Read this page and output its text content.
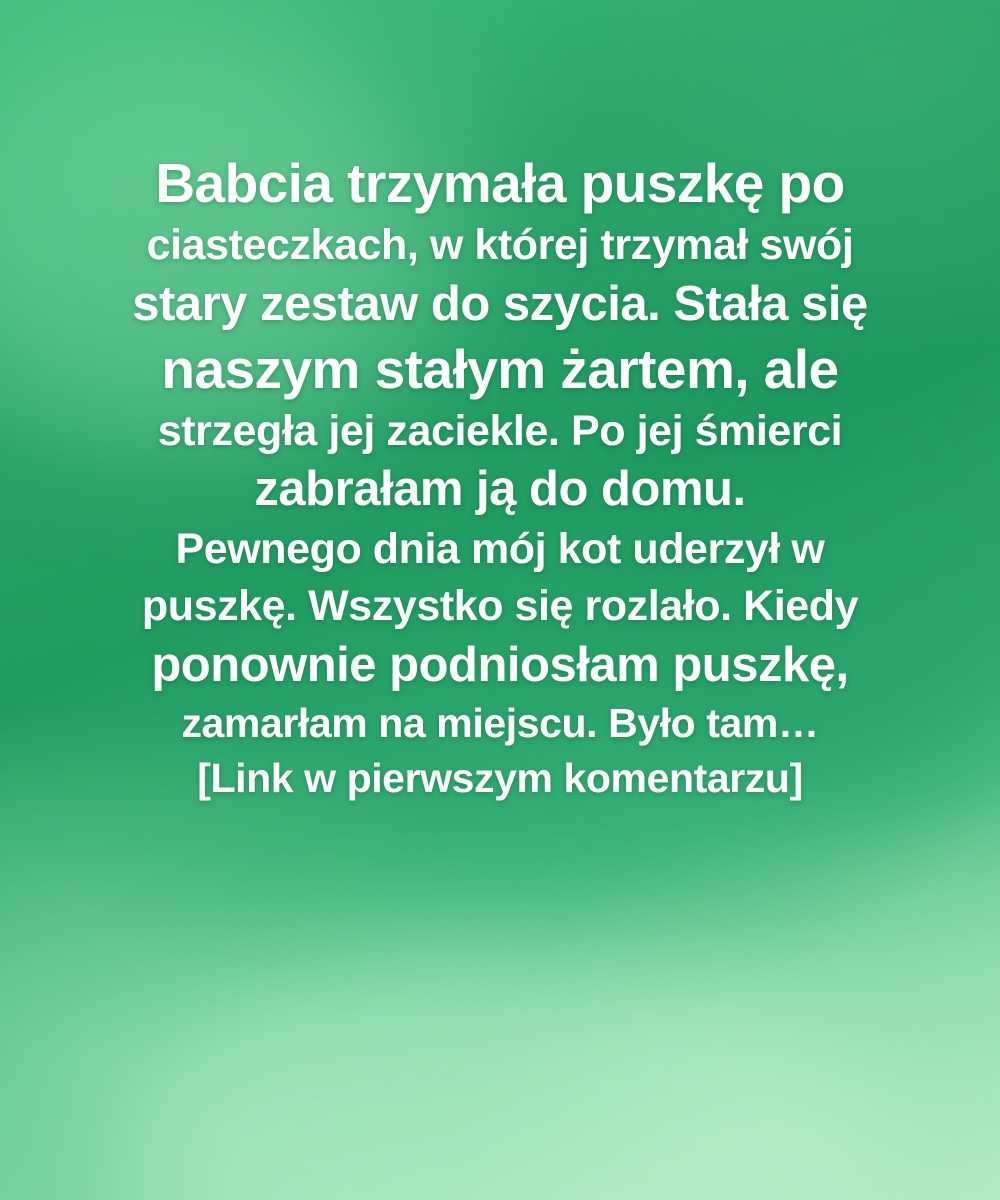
Babcia trzymała puszkę po
ciasteczkach, w której trzymał swój
stary zestaw do szycia. Stała się
naszym stałym żartem, ale
strzegła jej zaciekle. Po jej śmierci
zabrałam ją do domu.
Pewnego dnia mój kot uderzył w
puszkę. Wszystko się rozlało. Kiedy
ponownie podniosłam puszkę,
zamarłam na miejscu. Było tam…
[Link w pierwszym komentarzu]
